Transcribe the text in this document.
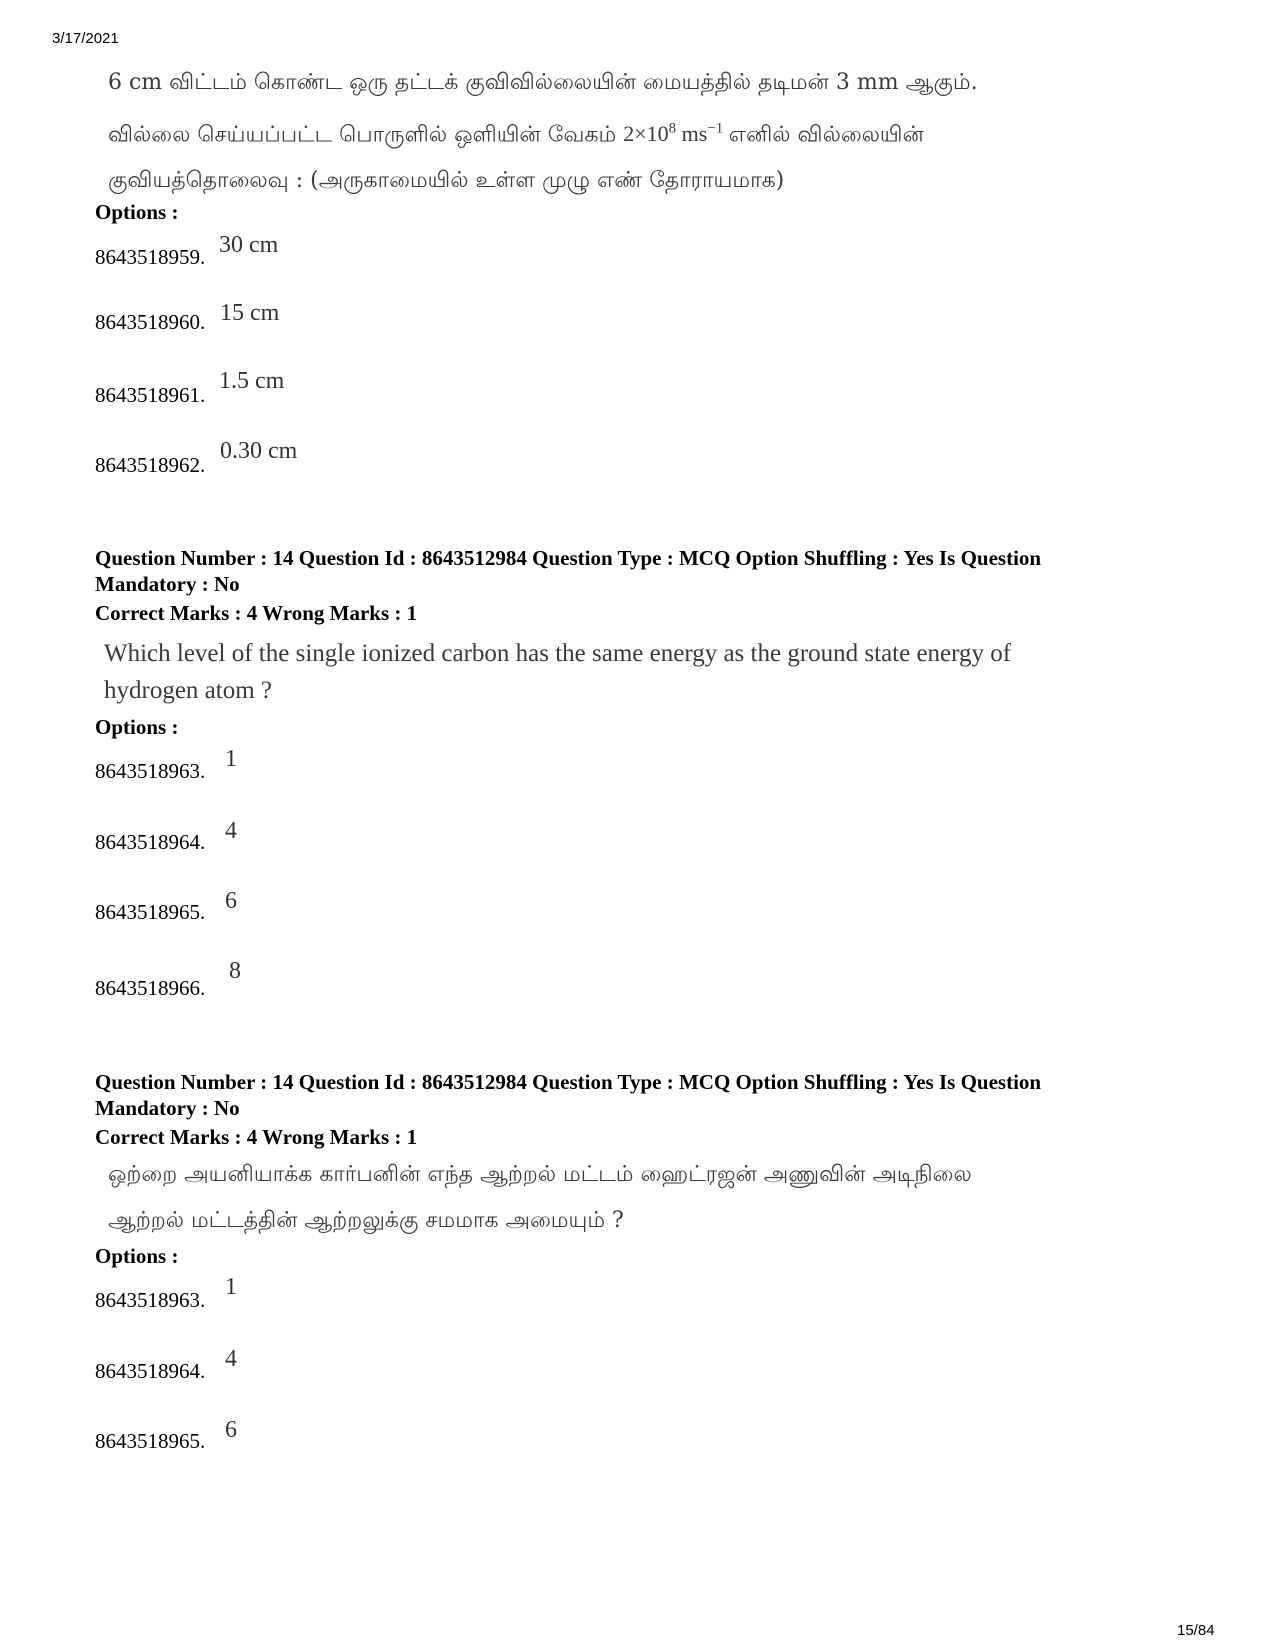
3/17/2021
6 cm விட்டம் கொண்ட ஒரு தட்டக் குவிவில்லையின் மையத்தில் தடிமன் 3 mm ஆகும்.
வில்லை செய்யப்பட்ட பொருளில் ஒளியின் வேகம் $2\times 10^8$ $ms^{-1}$ எனில் வில்லையின்
குவியத்தொலைவு : (அருகாமையில் உள்ள முழு எண் தோராயமாக)
Options :
8643518959. 30 cm
8643518960. 15 cm
8643518961.
1.5 cm
8643518962.
0.30 cm
Question Number : 14 Question Id : 8643512984 Question Type : MCQ Option Shuffling : Yes Is Question
Mandatory : No
Correct Marks : 4 Wrong Marks : 1
Which level of the single ionized carbon has the same energy as the ground state energy of
hydrogen atom ?
Options :
8643518963. 1
8643518964. 4
8643518965. 6
8643518966.
8
Question Number : 14 Question Id : 8643512984 Question Type : MCQ Option Shuffling : Yes Is Question
Mandatory : No
Correct Marks : 4 Wrong Marks : 1
ஒற்றை அயனியாக்க கார்பனின் எந்த ஆற்றல் மட்டம் ஹைட்ரஜன் அணுவின் அடிநிலை
ஆற்றல் மட்டத்தின் ஆற்றலுக்கு சமமாக அமையும் ?
Options :
8643518963. 1
8643518964. 4
8643518965. 6
15/84
